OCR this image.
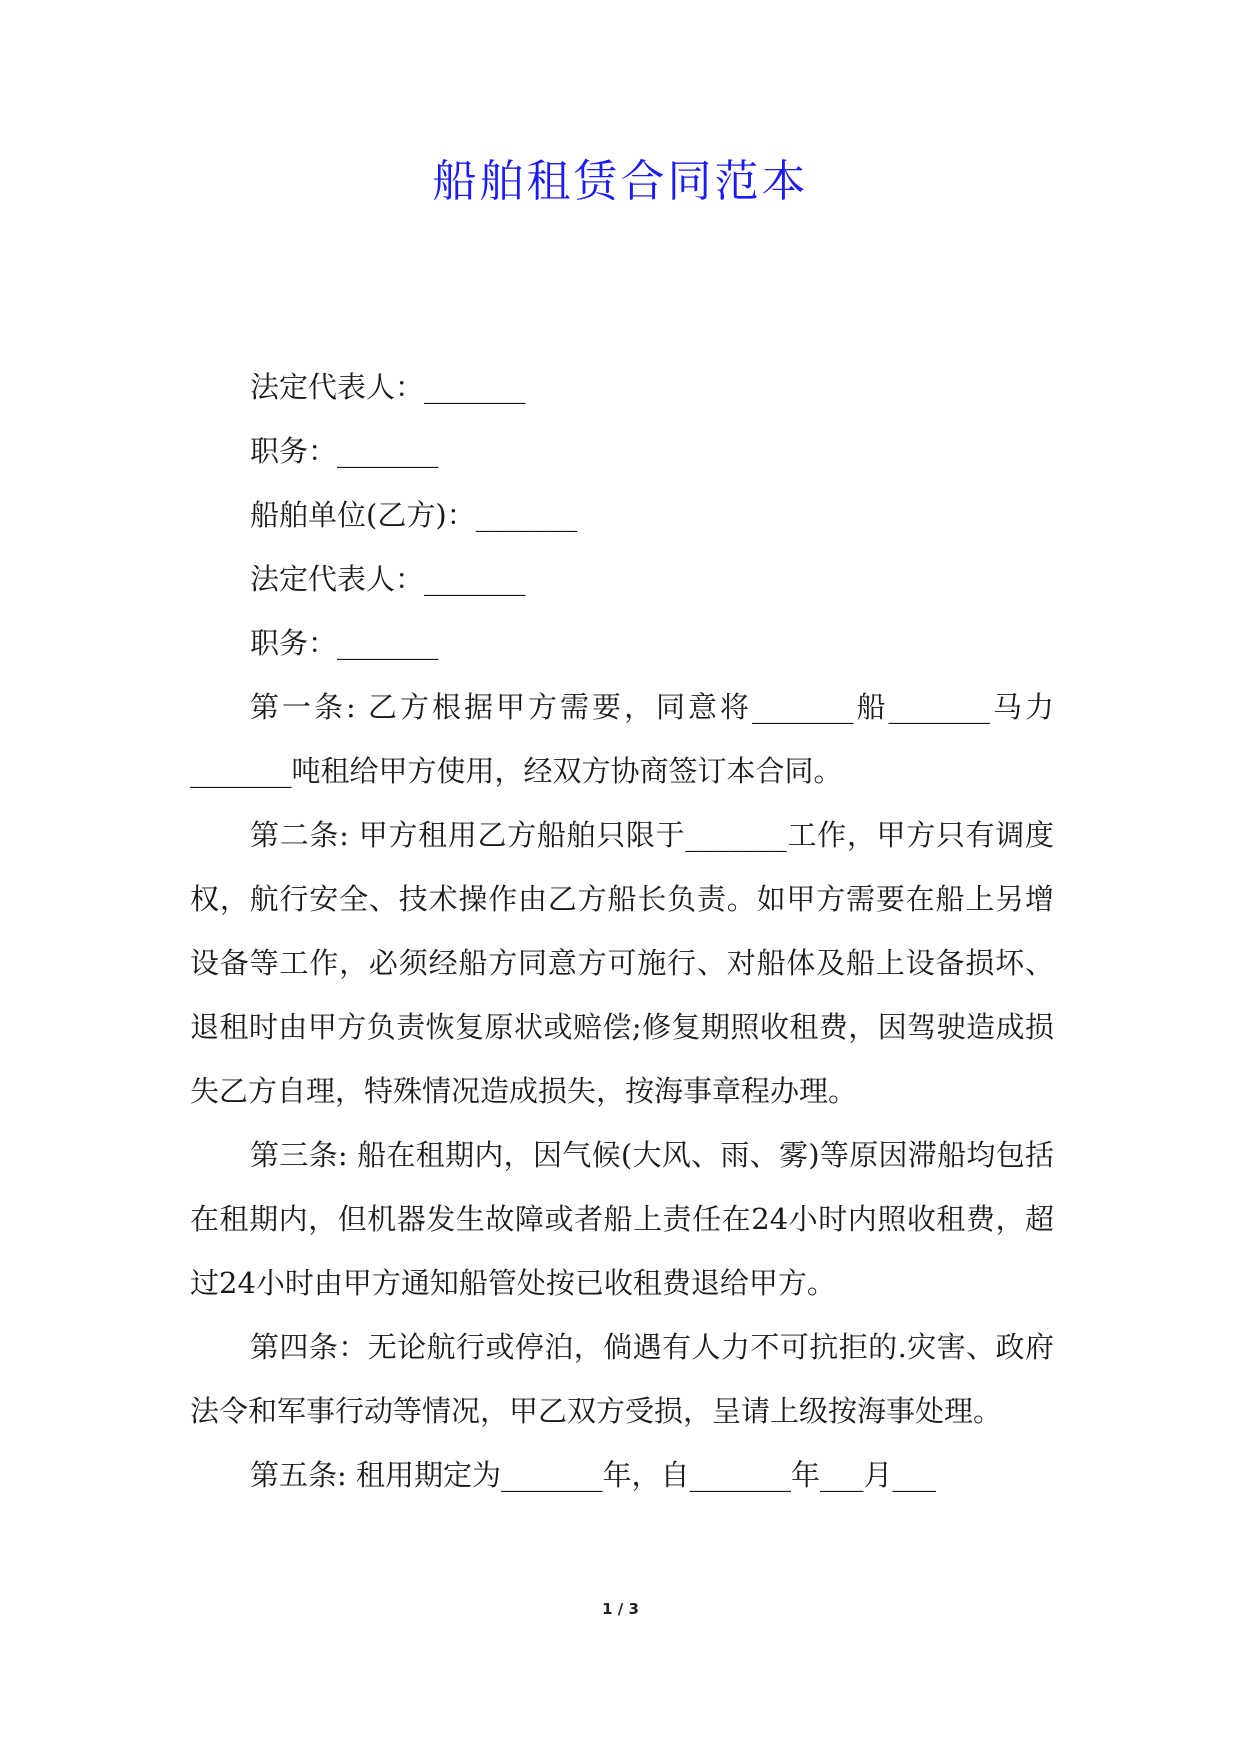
船舶租赁合同范本

法定代表人：_______

职务：_______

船舶单位(乙方)：_______

法定代表人：_______

职务：_______

第一条: 乙方根据甲方需要，同意将_______船_______马力_______吨租给甲方使用，经双方协商签订本合同。

第二条: 甲方租用乙方船舶只限于_______工作，甲方只有调度权，航行安全、技术操作由乙方船长负责。如甲方需要在船上另增设备等工作，必须经船方同意方可施行、对船体及船上设备损坏、退租时由甲方负责恢复原状或赔偿;修复期照收租费，因驾驶造成损失乙方自理，特殊情况造成损失，按海事章程办理。

第三条: 船在租期内，因气候(大风、雨、雾)等原因滞船均包括在租期内，但机器发生故障或者船上责任在24小时内照收租费，超过24小时由甲方通知船管处按已收租费退给甲方。

第四条：无论航行或停泊，倘遇有人力不可抗拒的.灾害、政府法令和军事行动等情况，甲乙双方受损，呈请上级按海事处理。

第五条: 租用期定为_______年，自_______年___月___

1 / 3
